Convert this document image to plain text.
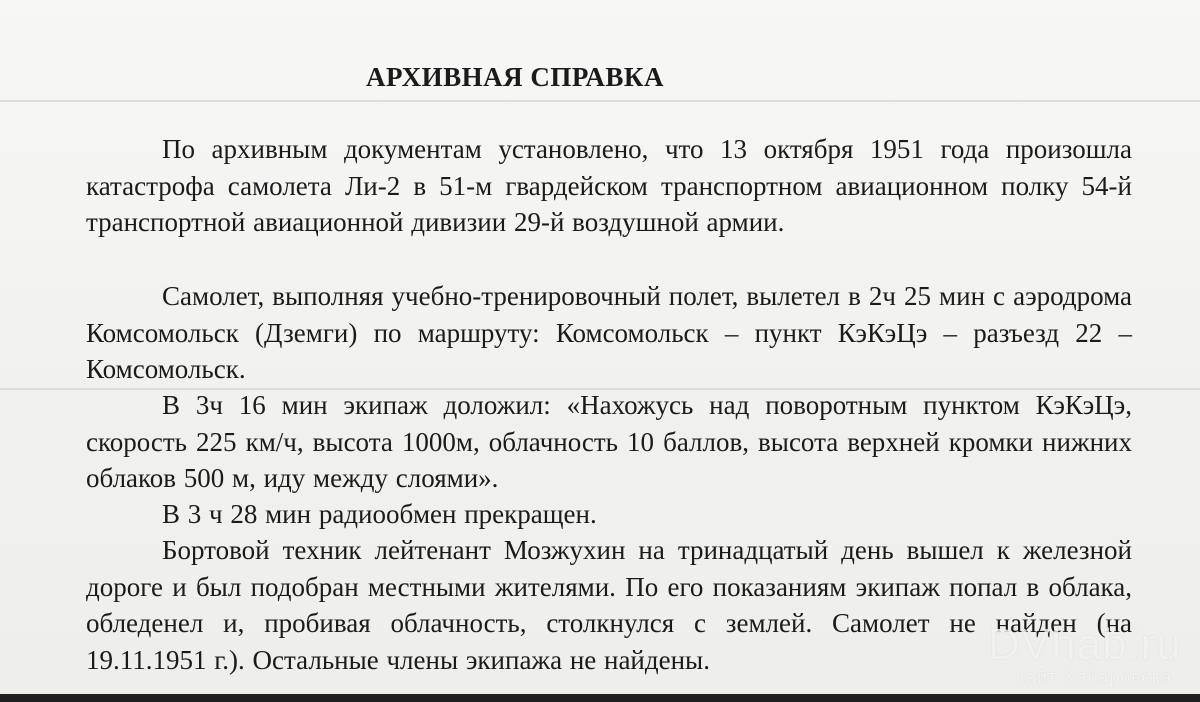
АРХИВНАЯ СПРАВКА
По архивным документам установлено, что 13 октября 1951 года произошла катастрофа самолета Ли-2 в 51-м гвардейском транспортном авиационном полку 54-й транспортной авиационной дивизии 29-й воздушной армии.
Самолет, выполняя учебно-тренировочный полет, вылетел в 2ч 25 мин с аэродрома Комсомольск (Дземги) по маршруту: Комсомольск – пункт КэКэЦэ – разъезд 22 – Комсомольск.
В 3ч 16 мин экипаж доложил: «Нахожусь над поворотным пунктом КэКэЦэ, скорость 225 км/ч, высота 1000м, облачность 10 баллов, высота верхней кромки нижних облаков 500 м, иду между слоями».
В 3 ч 28 мин радиообмен прекращен.
Бортовой техник лейтенант Мозжухин на тринадцатый день вышел к железной дороге и был подобран местными жителями. По его показаниям экипаж попал в облака, обледенел и, пробивая облачность, столкнулся с землей. Самолет не найден (на 19.11.1951 г.). Остальные члены экипажа не найдены.	DVhab.ru
сайт Хабаровска
